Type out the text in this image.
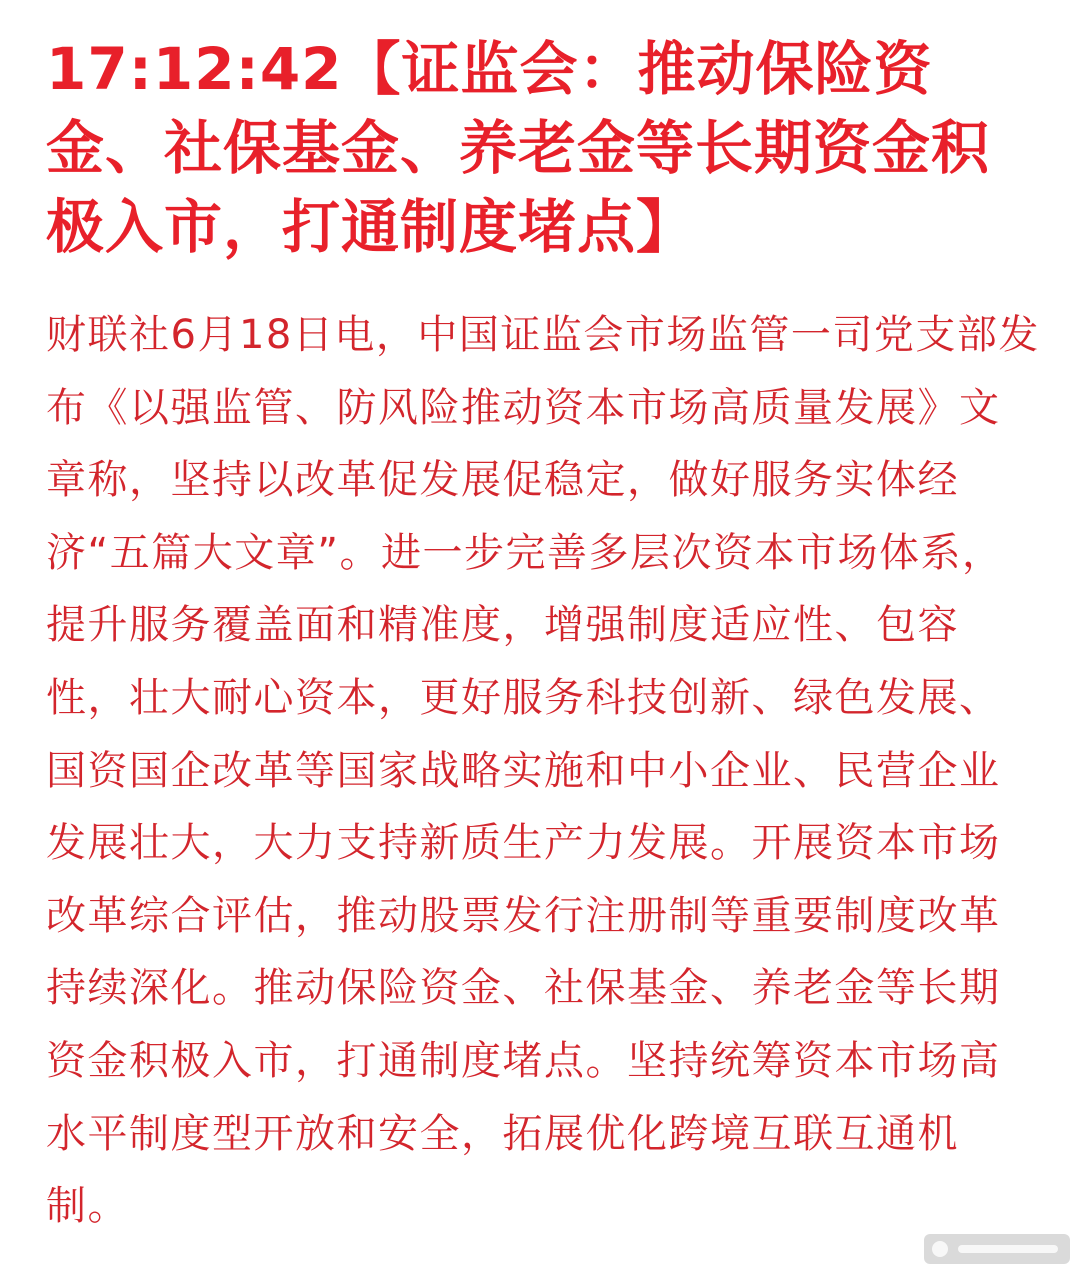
17:12:42【证监会：推动保险资金、社保基金、养老金等长期资金积极入市，打通制度堵点】

财联社6月18日电，中国证监会市场监管一司党支部发布《以强监管、防风险推动资本市场高质量发展》文章称，坚持以改革促发展促稳定，做好服务实体经济“五篇大文章”。进一步完善多层次资本市场体系，提升服务覆盖面和精准度，增强制度适应性、包容性，壮大耐心资本，更好服务科技创新、绿色发展、国资国企改革等国家战略实施和中小企业、民营企业发展壮大，大力支持新质生产力发展。开展资本市场改革综合评估，推动股票发行注册制等重要制度改革持续深化。推动保险资金、社保基金、养老金等长期资金积极入市，打通制度堵点。坚持统筹资本市场高水平制度型开放和安全，拓展优化跨境互联互通机制。
